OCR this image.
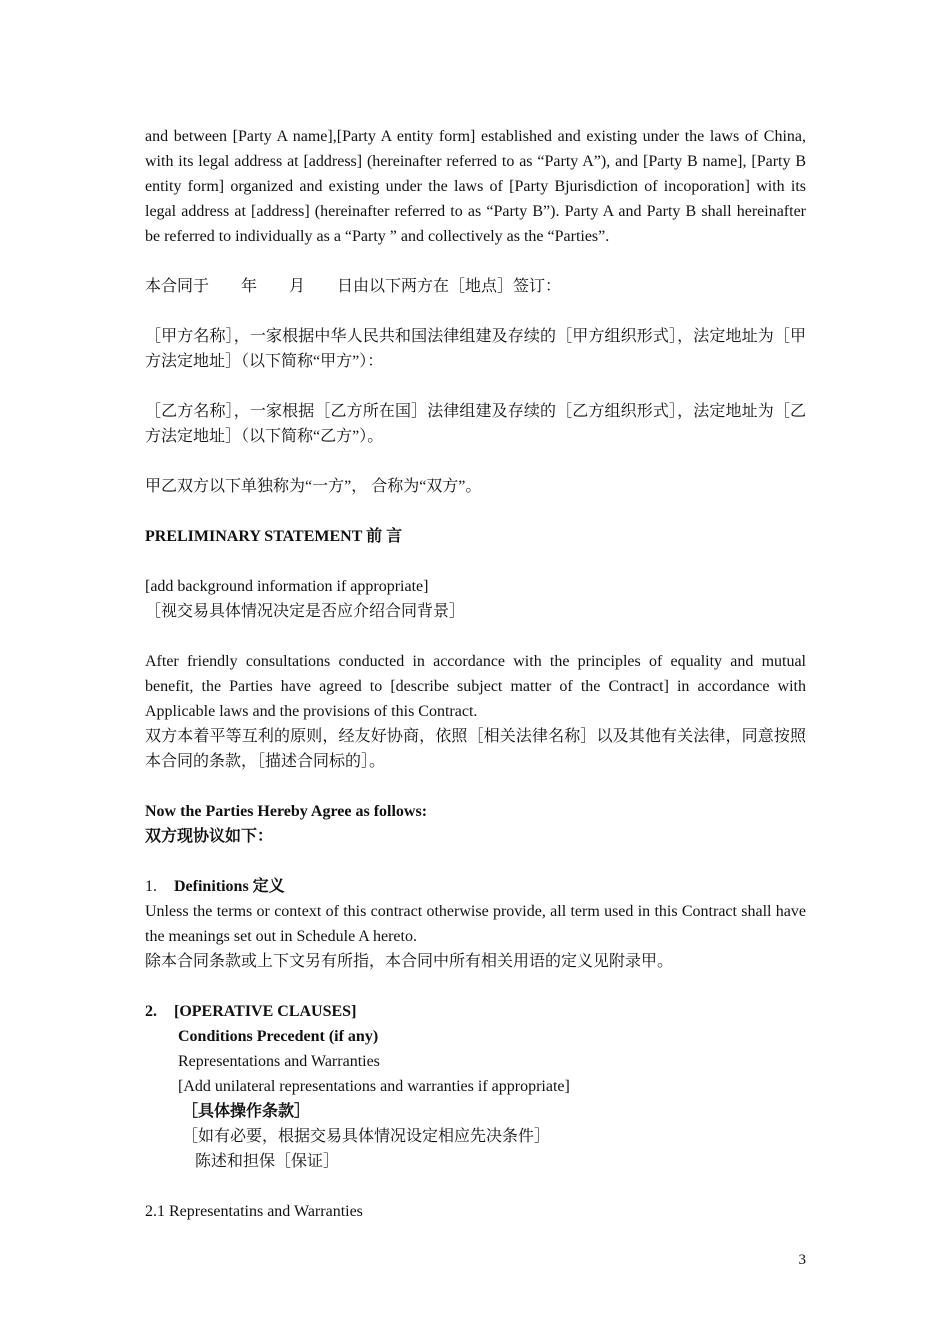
and between [Party A name],[Party A entity form] established and existing under the laws of China, with its legal address at [address] (hereinafter referred to as “Party A”), and [Party B name], [Party B entity form] organized and existing under the laws of [Party Bjurisdiction of incoporation] with its legal address at [address] (hereinafter referred to as “Party B”). Party A and Party B shall hereinafter be referred to individually as a “Party ” and collectively as the “Parties”.

本合同于　　年　　月　　日由以下两方在［地点］签订：

［甲方名称］，一家根据中华人民共和国法律组建及存续的［甲方组织形式］，法定地址为［甲方法定地址］（以下简称“甲方”）：

［乙方名称］，一家根据［乙方所在国］法律组建及存续的［乙方组织形式］，法定地址为［乙方法定地址］（以下简称“乙方”）。

甲乙双方以下单独称为“一方”， 合称为“双方”。

PRELIMINARY STATEMENT 前 言

[add background information if appropriate]

［视交易具体情况决定是否应介绍合同背景］

After friendly consultations conducted in accordance with the principles of equality and mutual benefit, the Parties have agreed to [describe subject matter of the Contract] in accordance with Applicable laws and the provisions of this Contract.

双方本着平等互利的原则，经友好协商，依照［相关法律名称］以及其他有关法律，同意按照本合同的条款，［描述合同标的］。

Now the Parties Hereby Agree as follows:

双方现协议如下：

1. Definitions 定义

Unless the terms or context of this contract otherwise provide, all term used in this Contract shall have the meanings set out in Schedule A hereto.

除本合同条款或上下文另有所指，本合同中所有相关用语的定义见附录甲。

2. [OPERATIVE CLAUSES]

Conditions Precedent (if any)

Representations and Warranties

[Add unilateral representations and warranties if appropriate]

［具体操作条款］

［如有必要，根据交易具体情况设定相应先决条件］

陈述和担保［保证］

2.1 Representatins and Warranties

3
